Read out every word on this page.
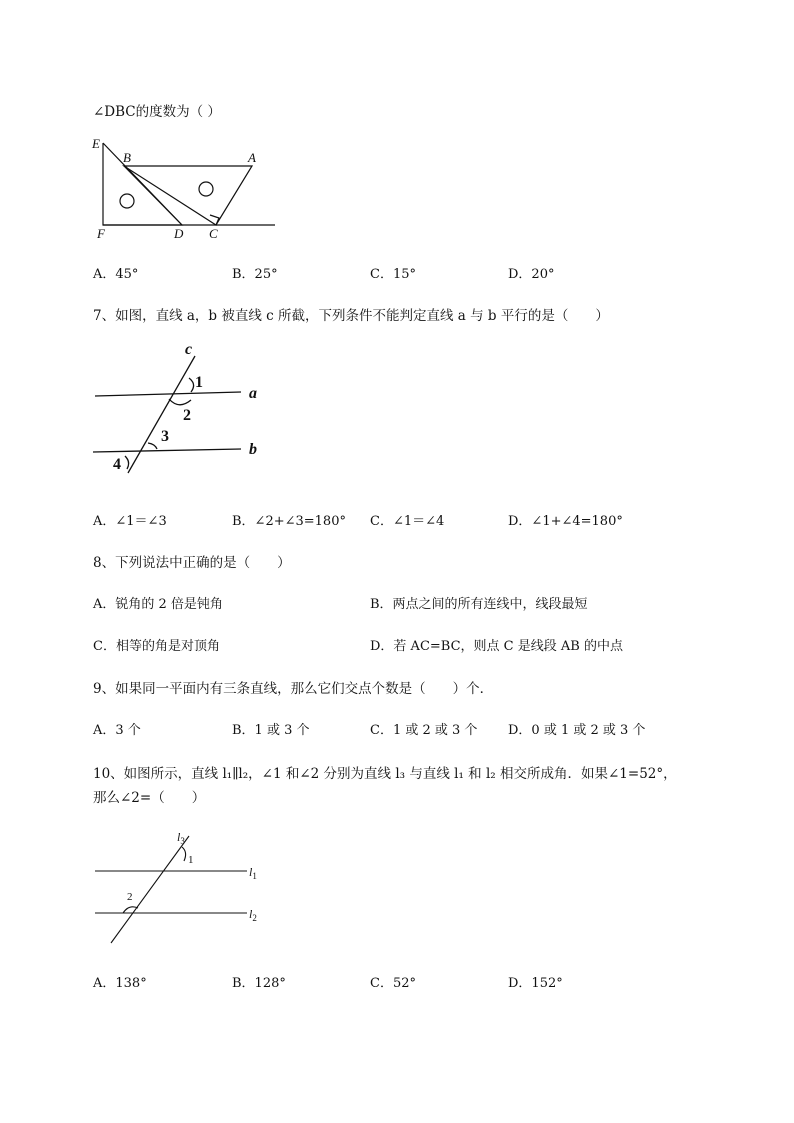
∠DBC的度数为（ ）
E
B	A
F	D C
A．45°	B．25°	C．15°	D．20°
7、如图，直线 a，b 被直线 c 所截，下列条件不能判定直线 a 与 b 平行的是（　　）
c
a
b
1
2
3
4
A．∠1＝∠3	B．∠2+∠3=180° C．∠1＝∠4	D．∠1+∠4=180°
8、下列说法中正确的是（　　）
A．锐角的 2 倍是钝角	B．两点之间的所有连线中，线段最短
C．相等的角是对顶角	D．若 AC=BC，则点 C 是线段 AB 的中点
9、如果同一平面内有三条直线，那么它们交点个数是（　　）个．
A．3 个	B．1 或 3 个	C．1 或 2 或 3 个 D．0 或 1 或 2 或 3 个
10、如图所示，直线 l₁∥l₂，∠1 和∠2 分别为直线 l₃ 与直线 l₁ 和 l₂ 相交所成角．如果∠1=52°，
那么∠2=（　　）
$l_3$
$l_1$
$l_2$
1
2
A．138°	B．128°	C．52°	D．152°
